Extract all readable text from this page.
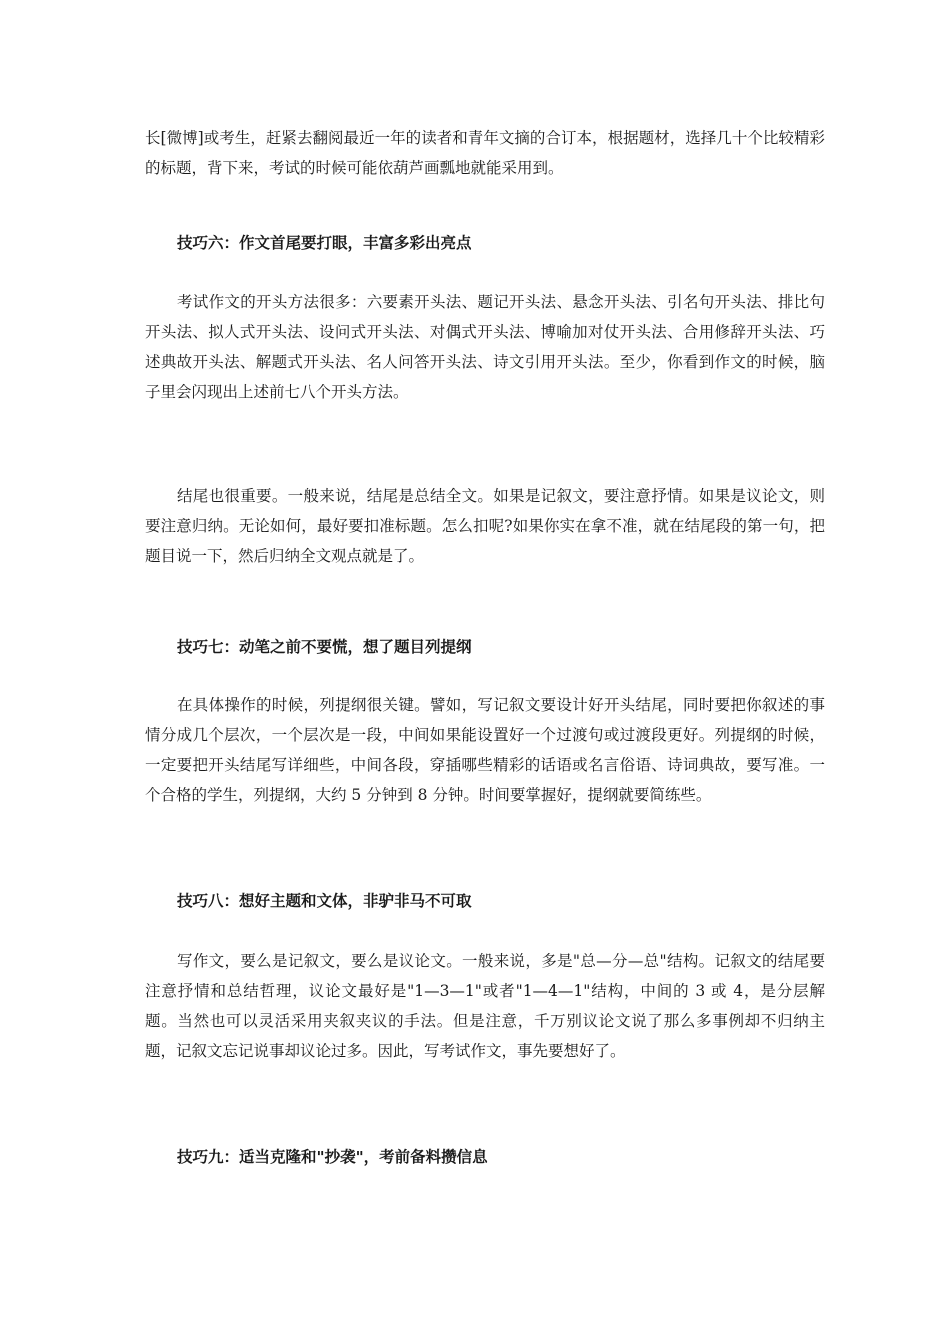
长[微博]或考生，赶紧去翻阅最近一年的读者和青年文摘的合订本，根据题材，选择几十个比较精彩的标题，背下来，考试的时候可能依葫芦画瓢地就能采用到。

技巧六：作文首尾要打眼，丰富多彩出亮点

考试作文的开头方法很多：六要素开头法、题记开头法、悬念开头法、引名句开头法、排比句开头法、拟人式开头法、设问式开头法、对偶式开头法、博喻加对仗开头法、合用修辞开头法、巧述典故开头法、解题式开头法、名人问答开头法、诗文引用开头法。至少，你看到作文的时候，脑子里会闪现出上述前七八个开头方法。

结尾也很重要。一般来说，结尾是总结全文。如果是记叙文，要注意抒情。如果是议论文，则要注意归纳。无论如何，最好要扣准标题。怎么扣呢?如果你实在拿不准，就在结尾段的第一句，把题目说一下，然后归纳全文观点就是了。

技巧七：动笔之前不要慌，想了题目列提纲

在具体操作的时候，列提纲很关键。譬如，写记叙文要设计好开头结尾，同时要把你叙述的事情分成几个层次，一个层次是一段，中间如果能设置好一个过渡句或过渡段更好。列提纲的时候，一定要把开头结尾写详细些，中间各段，穿插哪些精彩的话语或名言俗语、诗词典故，要写准。一个合格的学生，列提纲，大约 5 分钟到 8 分钟。时间要掌握好，提纲就要简练些。

技巧八：想好主题和文体，非驴非马不可取

写作文，要么是记叙文，要么是议论文。一般来说，多是"总—分—总"结构。记叙文的结尾要注意抒情和总结哲理，议论文最好是"1—3—1"或者"1—4—1"结构，中间的 3 或 4，是分层解题。当然也可以灵活采用夹叙夹议的手法。但是注意，千万别议论文说了那么多事例却不归纳主题，记叙文忘记说事却议论过多。因此，写考试作文，事先要想好了。

技巧九：适当克隆和"抄袭"，考前备料攒信息
